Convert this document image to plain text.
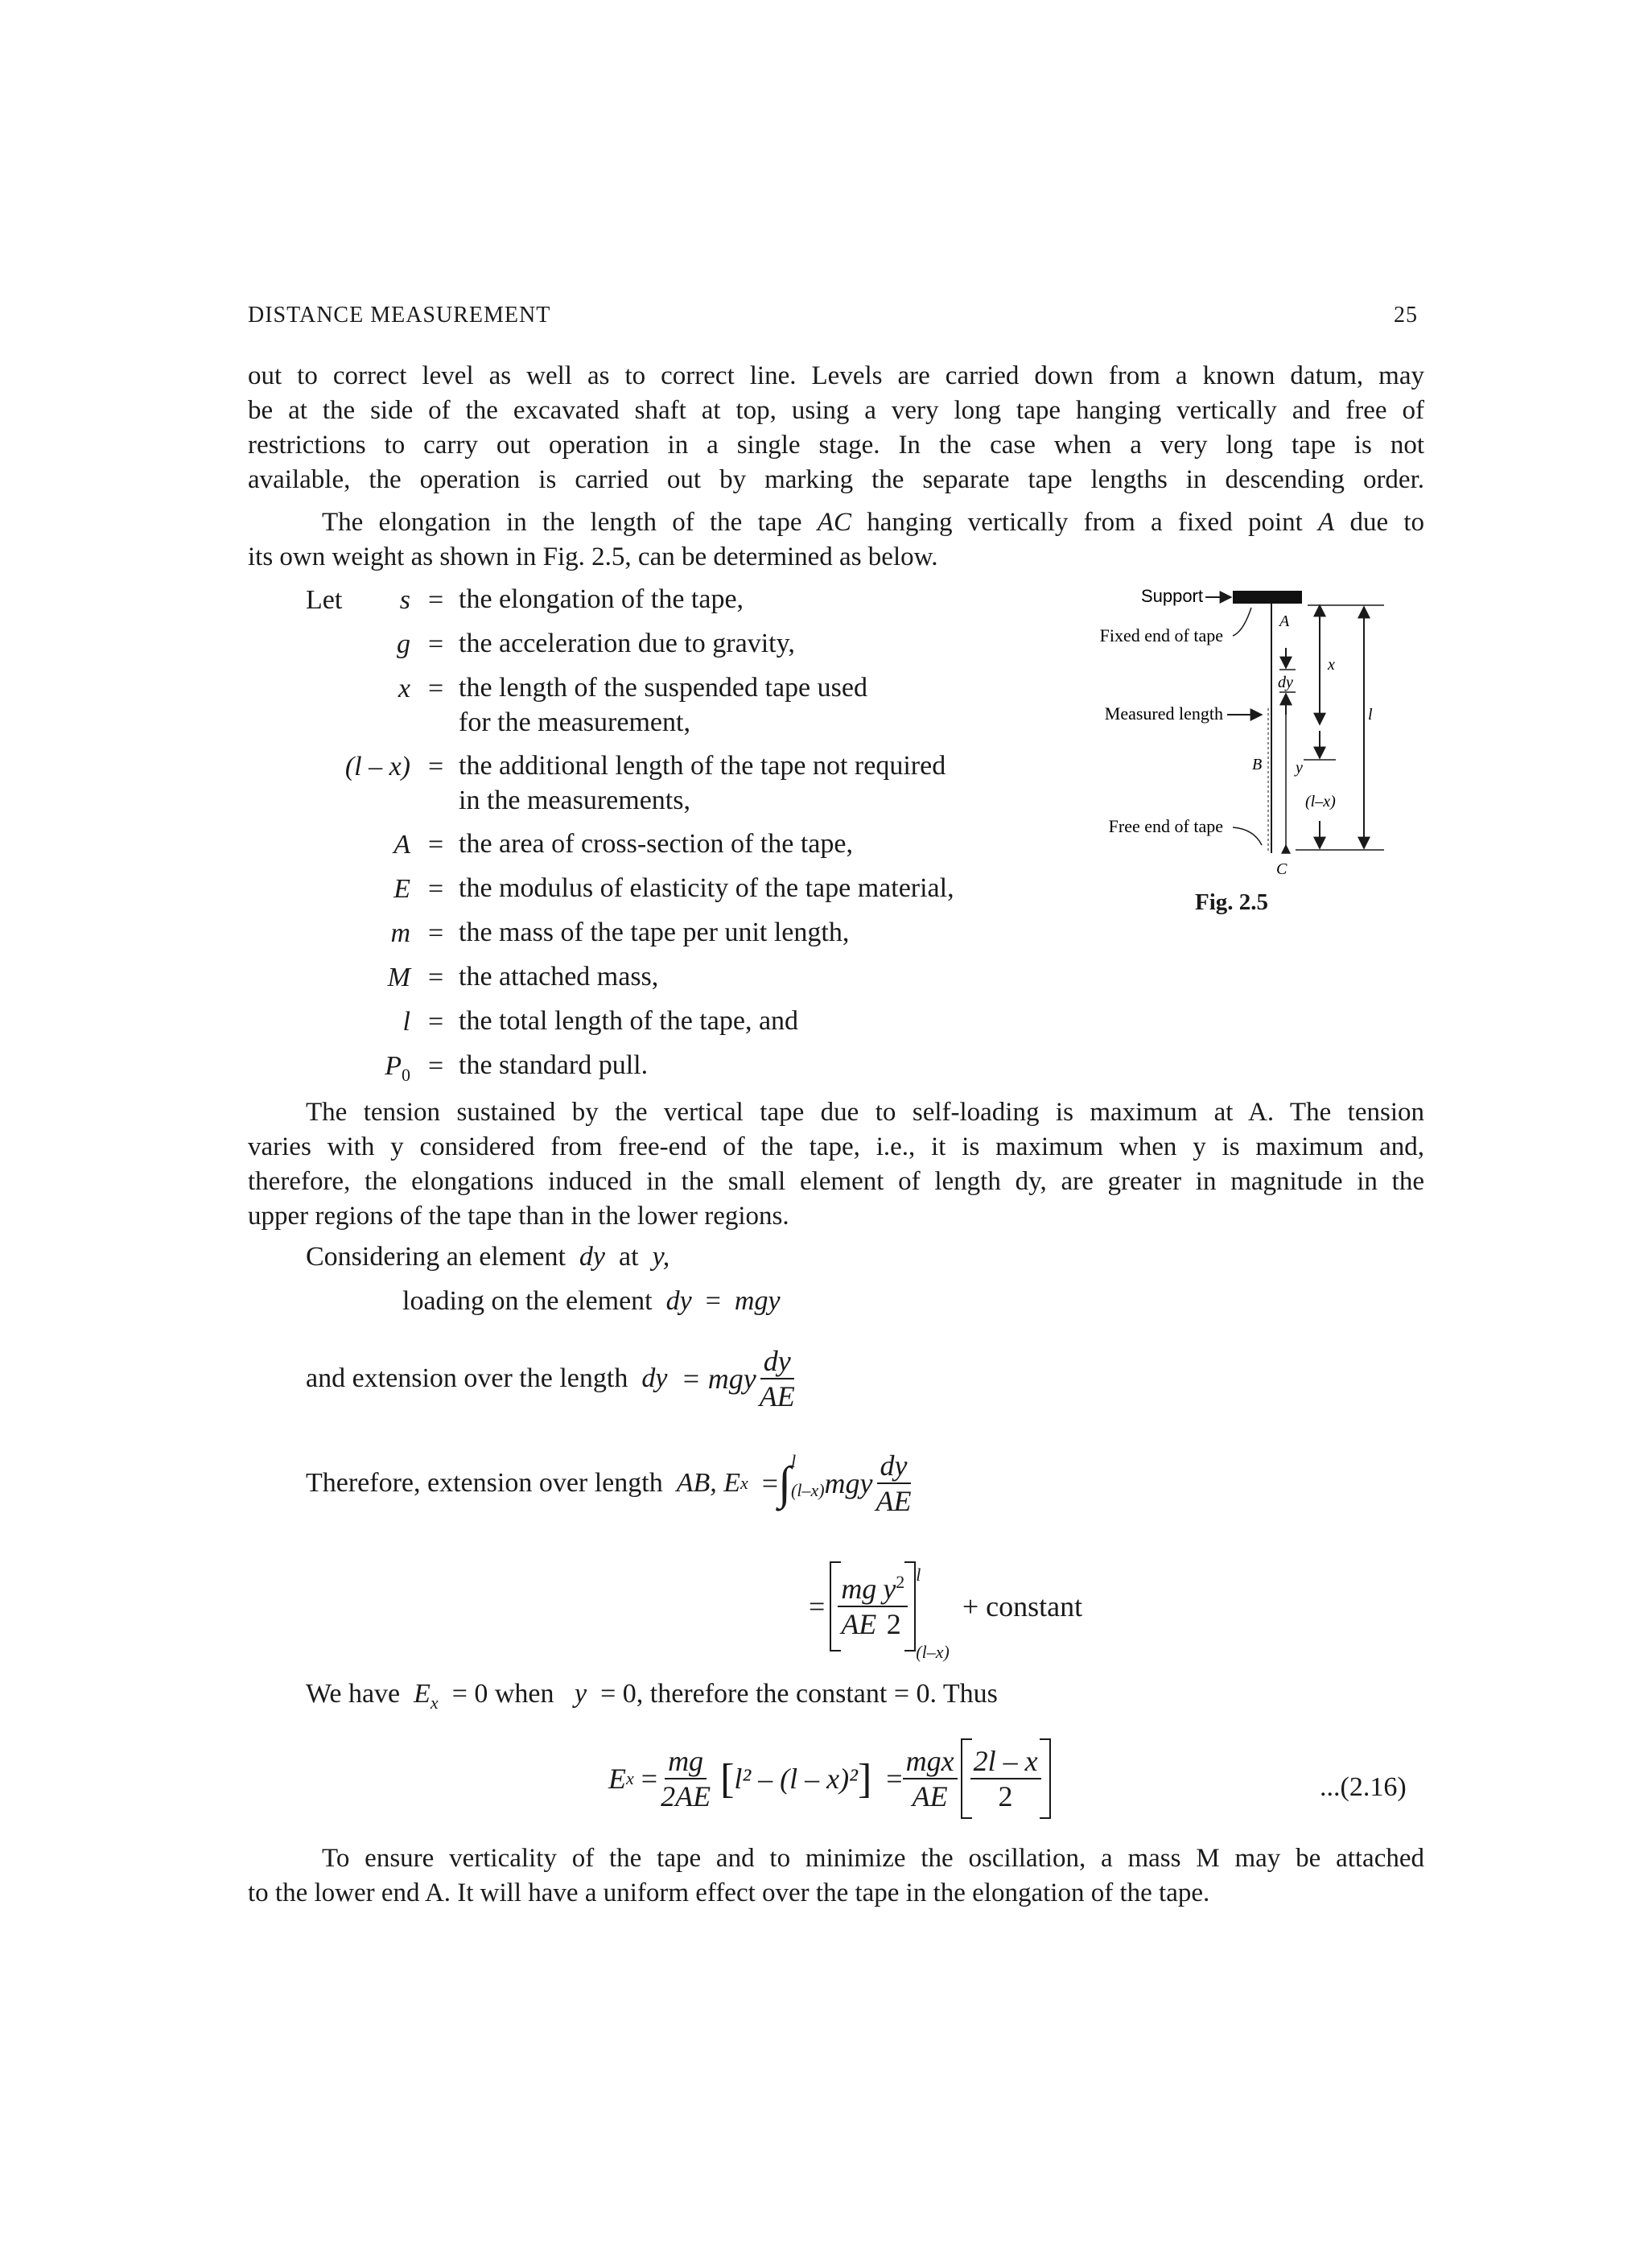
DISTANCE MEASUREMENT	25
out to correct level as well as to correct line. Levels are carried down from a known datum, may
be at the side of the excavated shaft at top, using a very long tape hanging vertically and free of
restrictions to carry out operation in a single stage. In the case when a very long tape is not
available, the operation is carried out by marking the separate tape lengths in descending order.
The elongation in the length of the tape AC hanging vertically from a fixed point A due to
its own weight as shown in Fig. 2.5, can be determined as below.
Let	s = the elongation of the tape,
g = the acceleration due to gravity,
x = the length of the suspended tape used
for the measurement,
(l – x) = the additional length of the tape not required
in the measurements,
A = the area of cross-section of the tape,
E = the modulus of elasticity of the tape material,
m = the mass of the tape per unit length,
M = the attached mass,
l = the total length of the tape, and
$P_0$ = the standard pull.
Support
Fixed end of tape
Measured length
Free end of tape
A
B
C
dy
y
x
l
(l–x)
Fig. 2.5
The tension sustained by the vertical tape due to self-loading is maximum at A. The tension
varies with y considered from free-end of the tape, i.e., it is maximum when y is maximum and,
therefore, the elongations induced in the small element of length dy, are greater in magnitude in the
upper regions of the tape than in the lower regions.
Considering an element dy at y,
loading on the element dy = mgy
and extension over the length
dy
= mgy $\frac{dy}{AE}$
Therefore, extension over length
AB, E x
= ∫ l
(l–x) mgy $\frac{dy}{AE}$
= $\frac{mg}{AE} \frac{y^2}{2}$ l
(l–x)
+ constant
We have $E_x = 0$ when y = 0, therefore the constant = 0. Thus
E x
= $\frac{mg}{2AE}$ [ l² – (l – x)² ]
= $\frac{\text{mgx}}{AE} \frac{2l - x}{2}$	...(2.16)
To ensure verticality of the tape and to minimize the oscillation, a mass M may be attached
to the lower end A. It will have a uniform effect over the tape in the elongation of the tape.
